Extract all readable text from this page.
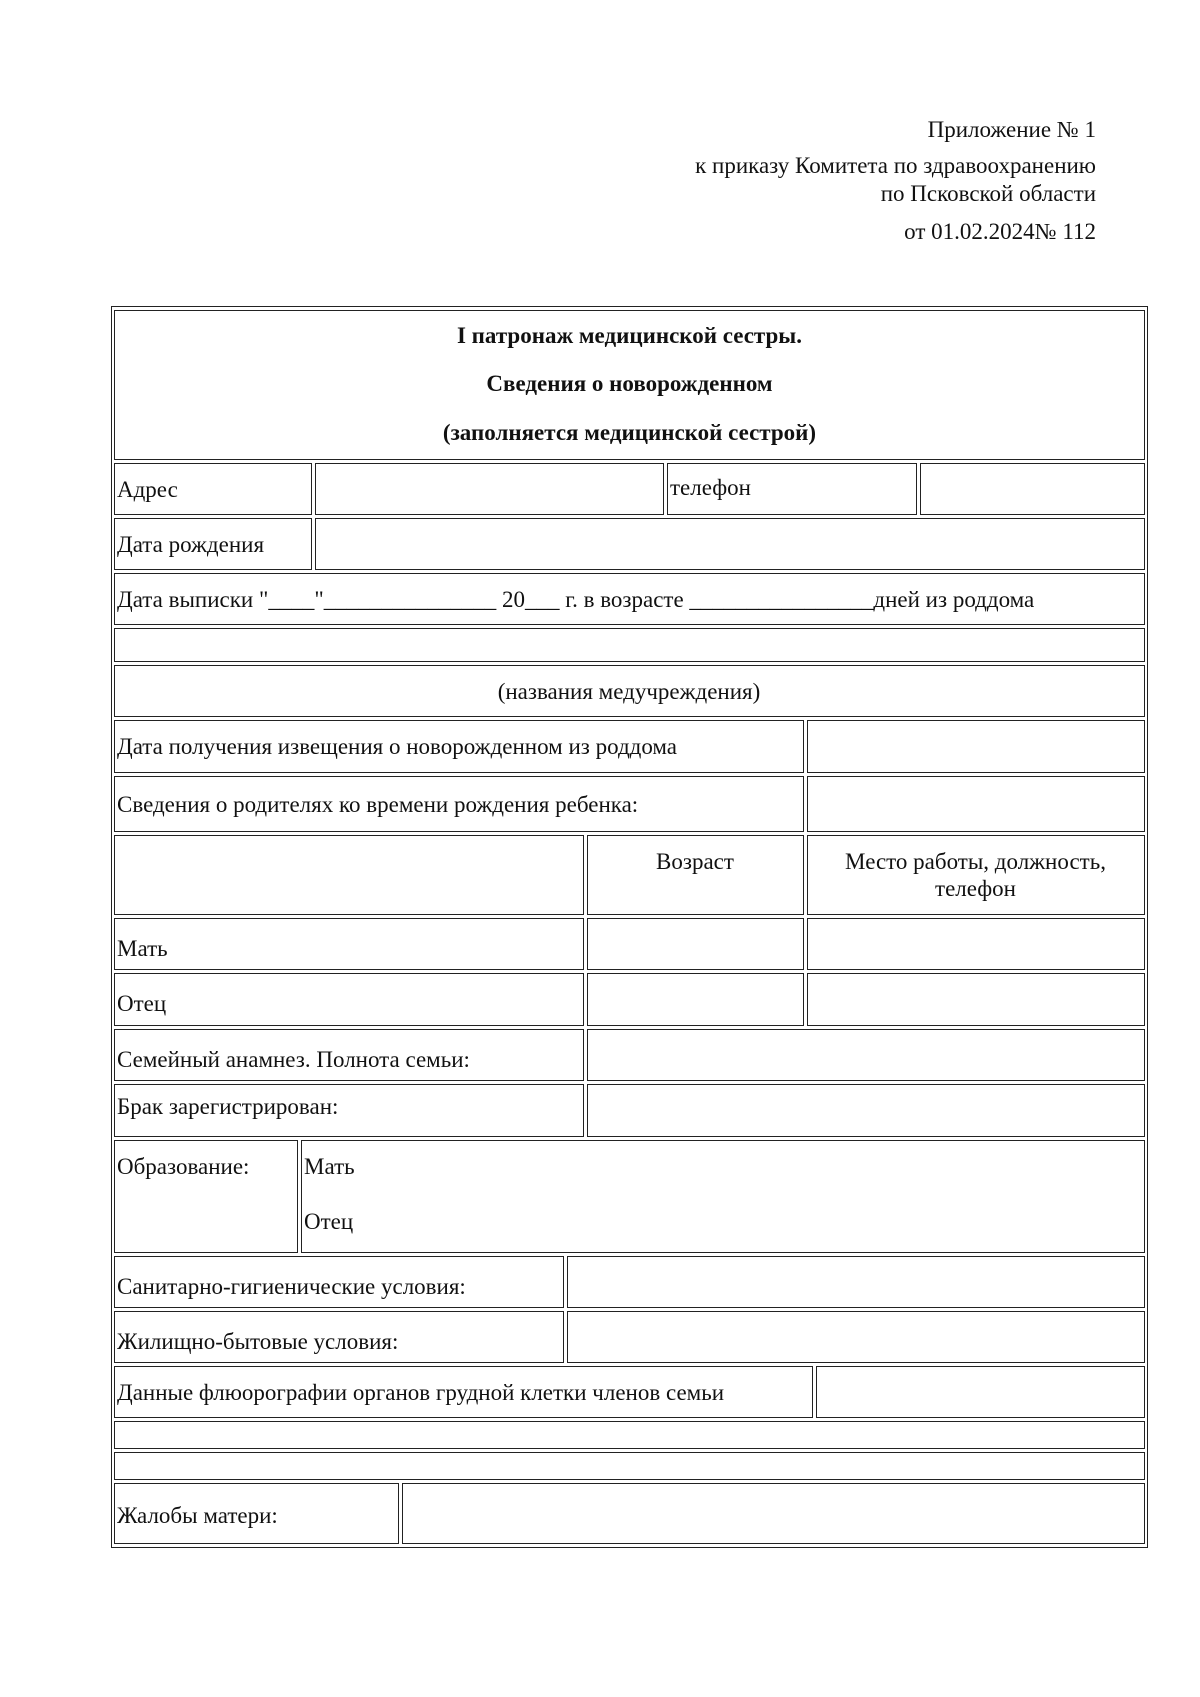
Приложение № 1
к приказу Комитета по здравоохранению
по Псковской области
от 01.02.2024№ 112
I патронаж медицинской сестры.
Сведения о новорожденном
(заполняется медицинской сестрой)
Адрес	телефон
Дата рождения
Дата выписки "____"_______________ 20___ г. в возрасте ________________дней из роддома
(названия медучреждения)
Дата получения извещения о новорожденном из роддома
Сведения о родителях ко времени рождения ребенка:
Возраст	Место работы, должность,
телефон
Мать
Отец
Семейный анамнез. Полнота семьи:
Брак зарегистрирован:
Образование: Мать
Отец
Санитарно-гигиенические условия:
Жилищно-бытовые условия:
Данные флюорографии органов грудной клетки членов семьи
Жалобы матери:
